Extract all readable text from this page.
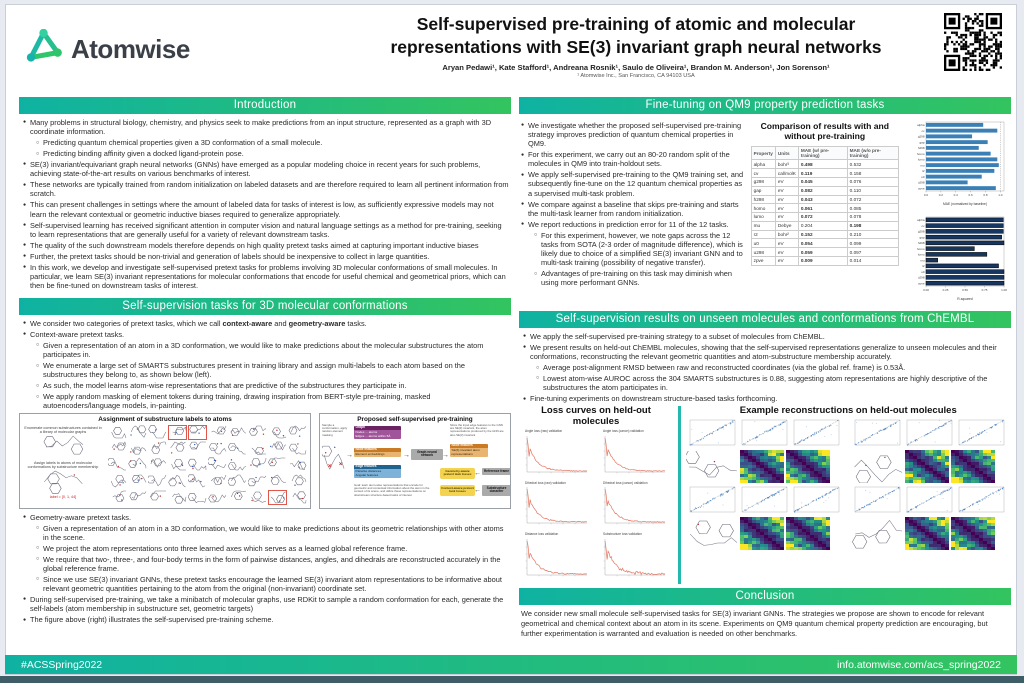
Atomwise
Self-supervised pre-training of atomic and molecular
representations with SE(3) invariant graph neural networks
Aryan Pedawi¹, Kate Stafford¹, Andreana Rosnik¹, Saulo de Oliveira¹, Brandon M. Anderson¹, Jon Sorenson¹
¹ Atomwise Inc., San Francisco, CA 94103 USA
Introduction
● Many problems in structural biology, chemistry, and physics seek to make predictions from an input structure, represented as a graph with 3D coordinate information.
○ Predicting quantum chemical properties given a 3D conformation of a small molecule.
○ Predicting binding affinity given a docked ligand-protein pose.
● SE(3) invariant/equivariant graph neural networks (GNNs) have emerged as a popular modeling choice in recent years for such problems, achieving state-of-the-art results on various benchmarks of interest.
● These networks are typically trained from random initialization on labeled datasets and are therefore required to learn all pertinent information from scratch.
● This can present challenges in settings where the amount of labeled data for tasks of interest is low, as sufficiently expressive models may not learn the relevant contextual or geometric inductive biases required to generalize appropriately.
● Self-supervised learning has received significant attention in computer vision and natural language settings as a method for pre-training, seeking to learn representations that are generally useful for a variety of relevant downstream tasks.
● The quality of the such downstream models therefore depends on high quality pretext tasks aimed at capturing important inductive biases
● Further, the pretext tasks should be non-trivial and generation of labels should be inexpensive to collect in large quantities.
● In this work, we develop and investigate self-supervised pretext tasks for problems involving 3D molecular conformations of small molecules. In particular, we learn SE(3) invariant representations for molecular conformations that encode for useful chemical and geometrical priors, which can then be fine-tuned on downstream tasks of interest.
Self-supervision tasks for 3D molecular conformations
● We consider two categories of pretext tasks, which we call context-aware and geometry-aware tasks.
● Context-aware pretext tasks.
○ Given a representation of an atom in a 3D conformation, we would like to make predictions about the molecular substructures the atom participates in.
○ We enumerate a large set of SMARTS substructures present in training library and assign multi-labels to each atom based on the substructures they belong to, as shown below (left).
○ As such, the model learns atom-wise representations that are predictive of the substructures they participate in.
○ We apply random masking of element tokens during training, drawing inspiration from BERT-style pre-training, masked autoencoders/language models, in-painting.
Assignment of substructure labels to atoms
Enumerate common substructures contained in a library of molecular graphs
Assign labels to atoms of molecular conformations by substructure membership
label = [0, 1, 44]
Proposed self-supervised pre-training
Sample a conformation, apply random element masking
✕ ✕
→
Graph
Nodes ... atoms
Edges ... atoms within 5Å
Node features
Element embeddings
Edge features
Pairwise distances
Angular features
→
Graph neural network
→
Since the input edge features to the GNN are SE(3) invariant, the atom representations produced by the GNN are also SE(3) invariant
Node features
SE(3) invariant atom representations
Geometry-aware pretext task losses
Context-aware pretext task losses
←
←
Reference frame
Substructure classifier
Goal: learn atom-wise representations that encode for geometric and contextual information about the atom in the context of its scene, and utilize these representations on downstream structure-based tasks of interest
● Geometry-aware pretext tasks.
○ Given a representation of an atom in a 3D conformation, we would like to make predictions about its geometric relationships with other atoms in the scene.
○ We project the atom representations onto three learned axes which serves as a learned global reference frame.
○ We require that two-, three-, and four-body terms in the form of pairwise distances, angles, and dihedrals are reconstructed accurately in the global reference frame.
○ Since we use SE(3) invariant GNNs, these pretext tasks encourage the learned SE(3) invariant atom representations to be informative about relevant geometric quantities pertaining to the atom from the original (non-invariant) coordinate set.
● During self-supervised pre-training, we take a minibatch of molecular graphs, use RDKit to sample a random conformation for each, generate the self-labels (atom membership in substructure set, geometric targets)
● The figure above (right) illustrates the self-supervised pre-training scheme.
Fine-tuning on QM9 property prediction tasks
● We investigate whether the proposed self-supervised pre-training strategy improves prediction of quantum chemical properties in QM9.
● For this experiment, we carry out an 80-20 random split of the molecules in QM9 into train-holdout sets.
● We apply self-supervised pre-training to the QM9 training set, and subsequently fine-tune on the 12 quantum chemical properties as a supervised multi-task problem.
● We compare against a baseline that skips pre-training and starts the multi-task learner from random initialization.
● We report reductions in prediction error for 11 of the 12 tasks.
○ For this experiment, however, we note gaps across the 12 tasks from SOTA (2-3 order of magnitude difference), which is likely due to choice of a simplified SE(3) invariant GNN and to multi-task training (possibility of negative transfer).
○ Advantages of pre-training on this task may diminish when using more performant GNNs.
Comparison of results with and without pre-training
Property	Units	MAE (w/ pre-training)	MAE (w/o pre-training)
alpha	bohr³	0.498	0.532
cv	cal/molK	0.119	0.158
g298	eV	0.045	0.076
gap	eV	0.082	0.110
h298	eV	0.043	0.072
homo	eV	0.061	0.085
lumo	eV	0.072	0.078
mu	Debye	0.204	0.198
r2	bohr²	0.152	0.210
u0	eV	0.054	0.099
u298	eV	0.059	0.097
zpve	eV	0.009	0.014
0.0	0.2	0.4	0.6	0.8	1.0
alpha
cv
g298
gap
h298
homo
lumo
mu
r2
u0
u298
zpve
MAE (normalized by baseline)
0.00	0.25	0.50	0.75	1.00
alpha
cv
g298
gap
h298
homo
lumo
mu
r2
u0
u298
zpve
R-squared
Self-supervision results on unseen molecules and conformations from ChEMBL
● We apply the self-supervised pre-training strategy to a subset of molecules from ChEMBL.
● We present results on held-out ChEMBL molecules, showing that the self-supervised representations generalize to unseen molecules and their conformations, reconstructing the relevant geometric quantities and atom-substructure membership accurately.
○ Average post-alignment RMSD between raw and reconstructed coordinates (via the global ref. frame) is 0.53Å.
○ Lowest atom-wise AUROC across the 304 SMARTS substructures is 0.88, suggesting atom representations are highly descriptive of the substructures the atom participates in.
● Fine-tuning experiments on downstream structure-based tasks forthcoming.
Loss curves on held-out molecules
Angle loss (raw) validation	Angle loss (canon) validation
Dihedral loss (raw) validation	Dihedral loss (canon) validation
Distance loss validation	Substructure loss validation
Example reconstructions on held-out molecules
Conclusion
We consider new small molecule self-supervised tasks for SE(3) invariant GNNs. The strategies we propose are shown to encode for relevant geometrical and chemical context about an atom in its scene. Experiments on QM9 quantum chemical property prediction are encouraging, but further experimentation is warranted and evaluation is needed on other benchmarks.
#ACSSpring2022	info.atomwise.com/acs_spring2022
